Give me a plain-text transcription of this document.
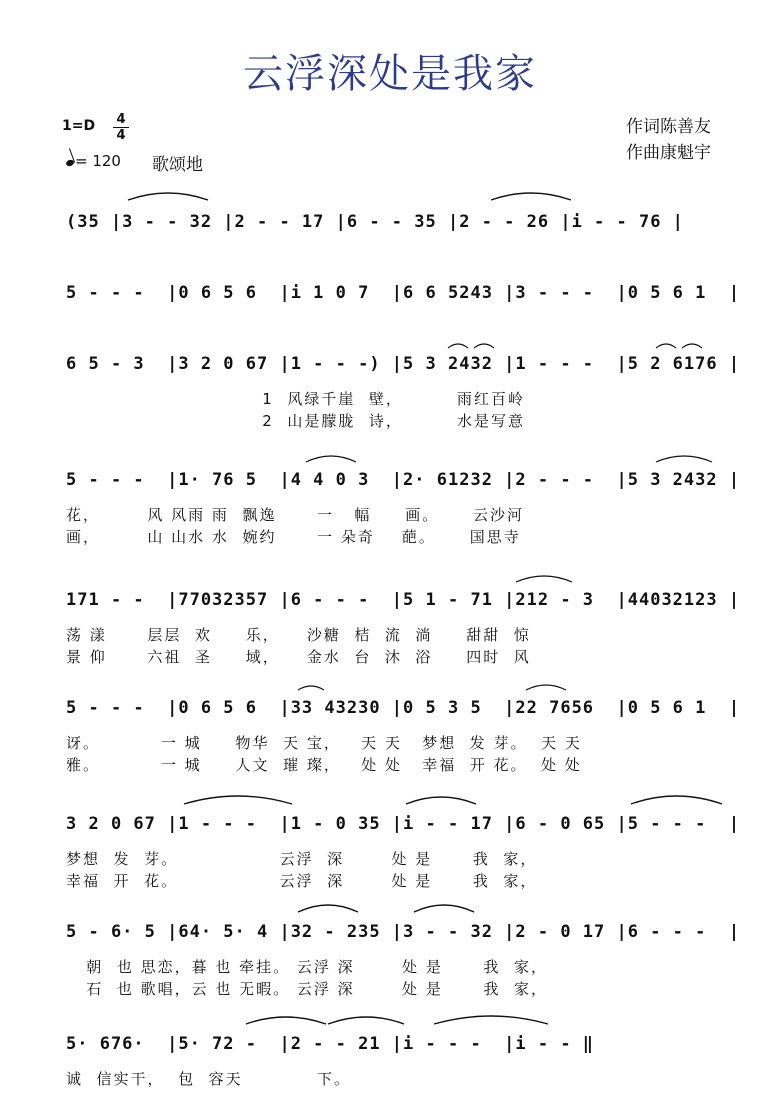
云浮深处是我家
1=D 4
4
= 120 歌颂地
作词陈善友
作曲康魁宇
(35 |3 - - 32 |2 - - 17 |6 - - 35 |2 - - 26 |i - - 76 |
5 - - -  |0 6 5 6  |i 1 0 7  |6 6 5243 |3 - - -  |0 5 6 1  |
6 5 - 3  |3 2 0 67 |1 - - -) |5 3 2432 |1 - - -  |5 2 6176 |
1  风绿千崖  壁，        雨红百岭
2  山是朦胧  诗，        水是写意
5 - - -  |1· 76 5  |4 4 0 3  |2· 61232 |2 - - -  |5 3 2432 |
花，       风 风雨 雨  飘逸      一   幅     画。     云沙河
画，       山 山水 水  婉约      一 朵奇    葩。     国思寺
171 - -  |77032357 |6 - - -  |5 1 - 71 |212 - 3  |44032123 |
荡 漾      层层  欢     乐，    沙糖  桔  流  淌     甜甜  惊
景 仰      六祖  圣     域，    金水  台  沐  浴     四时  风
5 - - -  |0 6 5 6  |33 43230 |0 5 3 5  |22 7656  |0 5 6 1  |
讶。         一 城     物华  天 宝，   天 天   梦想  发 芽。  天 天
雅。         一 城     人文  璀 璨，   处 处   幸福  开 花。  处 处
3 2 0 67 |1 - - -  |1 - 0 35 |i - - 17 |6 - 0 65 |5 - - -  |
梦想  发  芽。               云浮  深       处 是      我  家，
幸福  开  花。               云浮  深       处 是      我  家，
5 - 6· 5 |64· 5· 4 |32 - 235 |3 - - 32 |2 - 0 17 |6 - - -  |
朝  也 思恋，暮 也 牵挂。 云浮 深       处 是      我  家，
石  也 歌唱，云 也 无暇。 云浮 深       处 是      我  家，
5· 676·  |5· 72 -  |2 - - 21 |i - - -  |i - - ‖
诚  信实干，  包  容天           下。
